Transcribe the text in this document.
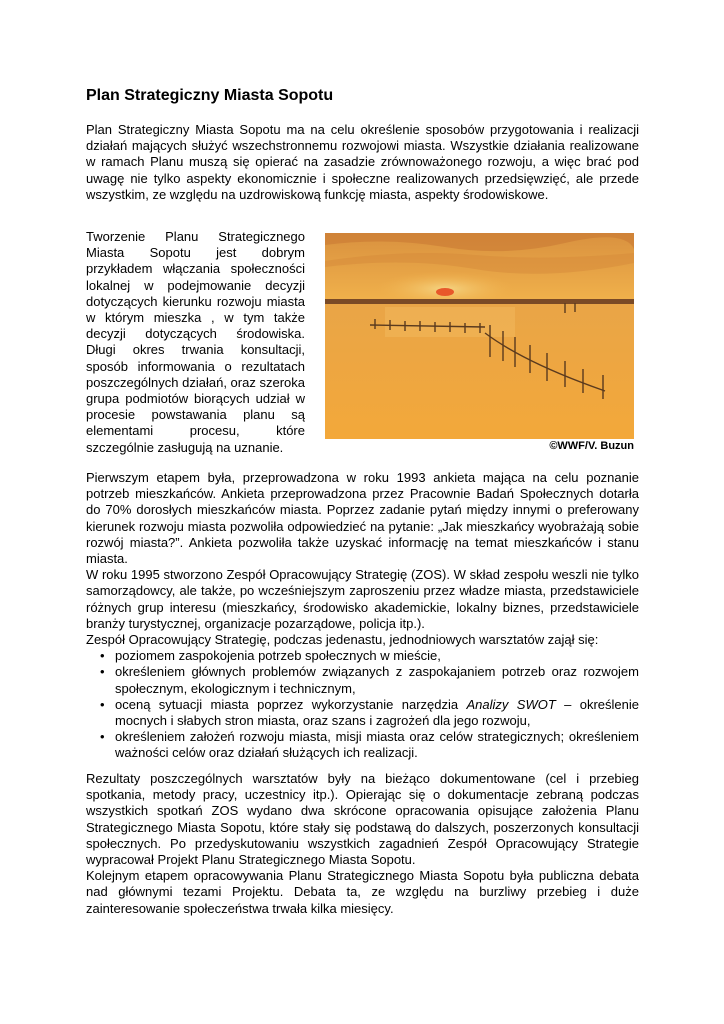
Plan Strategiczny Miasta Sopotu

Plan Strategiczny Miasta Sopotu ma na celu określenie sposobów przygotowania i realizacji działań mających służyć wszechstronnemu rozwojowi miasta. Wszystkie działania realizowane w ramach Planu muszą się opierać na zasadzie zrównoważonego rozwoju, a więc brać pod uwagę nie tylko aspekty ekonomicznie i społeczne realizowanych przedsięwzięć, ale przede wszystkim, ze względu na uzdrowiskową funkcję miasta, aspekty środowiskowe.

Tworzenie Planu Strategicznego Miasta Sopotu jest dobrym przykładem włączania społeczności lokalnej w podejmowanie decyzji dotyczących kierunku rozwoju miasta w którym mieszka , w tym także decyzji dotyczących środowiska. Długi okres trwania konsultacji, sposób informowania o rezultatach poszczególnych działań, oraz szeroka grupa podmiotów biorących udział w procesie powstawania planu są elementami procesu, które szczególnie zasługują na uznanie.	©WWF/V. Buzun

Pierwszym etapem była, przeprowadzona w roku 1993 ankieta mająca na celu poznanie potrzeb mieszkańców. Ankieta przeprowadzona przez Pracownie Badań Społecznych dotarła do 70% dorosłych mieszkańców miasta. Poprzez zadanie pytań między innymi o preferowany kierunek rozwoju miasta pozwoliła odpowiedzieć na pytanie: „Jak mieszkańcy wyobrażają sobie rozwój miasta?”. Ankieta pozwoliła także uzyskać informację na temat mieszkańców i stanu miasta.

W roku 1995 stworzono Zespół Opracowujący Strategię (ZOS). W skład zespołu weszli nie tylko samorządowcy, ale także, po wcześniejszym zaproszeniu przez władze miasta, przedstawiciele różnych grup interesu (mieszkańcy, środowisko akademickie, lokalny biznes, przedstawiciele branży turystycznej, organizacje pozarządowe, policja itp.).

Zespół Opracowujący Strategię, podczas jedenastu, jednodniowych warsztatów zajął się:

• poziomem zaspokojenia potrzeb społecznych w mieście,
• określeniem głównych problemów związanych z zaspokajaniem potrzeb oraz rozwojem społecznym, ekologicznym i technicznym,
• oceną sytuacji miasta poprzez wykorzystanie narzędzia Analizy SWOT – określenie mocnych i słabych stron miasta, oraz szans i zagrożeń dla jego rozwoju,
• określeniem założeń rozwoju miasta, misji miasta oraz celów strategicznych; określeniem ważności celów oraz działań służących ich realizacji.

Rezultaty poszczególnych warsztatów były na bieżąco dokumentowane (cel i przebieg spotkania, metody pracy, uczestnicy itp.). Opierając się o dokumentacje zebraną podczas wszystkich spotkań ZOS wydano dwa skrócone opracowania opisujące założenia Planu Strategicznego Miasta Sopotu, które stały się podstawą do dalszych, poszerzonych konsultacji społecznych. Po przedyskutowaniu wszystkich zagadnień Zespół Opracowujący Strategie wypracował Projekt Planu Strategicznego Miasta Sopotu.

Kolejnym etapem opracowywania Planu Strategicznego Miasta Sopotu była publiczna debata nad głównymi tezami Projektu. Debata ta, ze względu na burzliwy przebieg i duże zainteresowanie społeczeństwa trwała kilka miesięcy.
